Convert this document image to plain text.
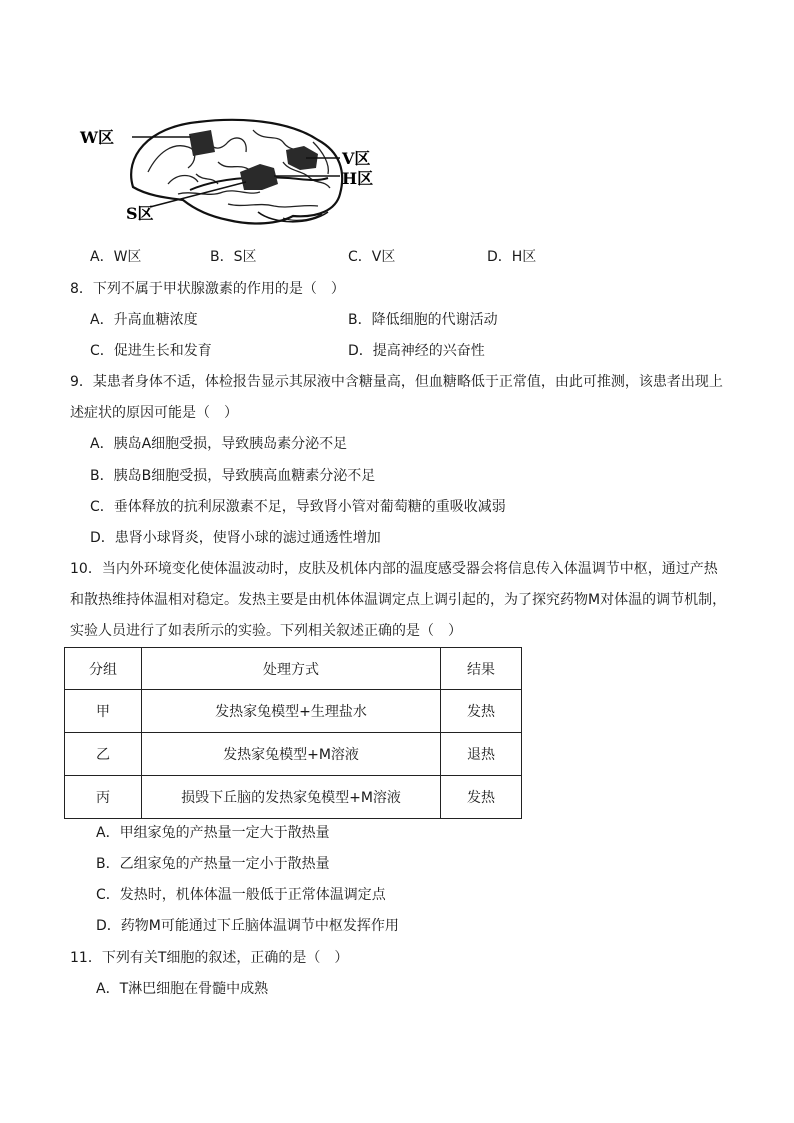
W区
V区
H区
S区
A．W区	B．S区	C．V区	D．H区
8．下列不属于甲状腺激素的作用的是（　）
A．升高血糖浓度	B．降低细胞的代谢活动
C．促进生长和发育	D．提高神经的兴奋性
9．某患者身体不适，体检报告显示其尿液中含糖量高，但血糖略低于正常值，由此可推测，该患者出现上
述症状的原因可能是（　）
A．胰岛A细胞受损，导致胰岛素分泌不足
B．胰岛B细胞受损，导致胰高血糖素分泌不足
C．垂体释放的抗利尿激素不足，导致肾小管对葡萄糖的重吸收减弱
D．患肾小球肾炎，使肾小球的滤过通透性增加
10．当内外环境变化使体温波动时，皮肤及机体内部的温度感受器会将信息传入体温调节中枢，通过产热
和散热维持体温相对稳定。发热主要是由机体体温调定点上调引起的，为了探究药物M对体温的调节机制，
实验人员进行了如表所示的实验。下列相关叙述正确的是（　）
分组	处理方式	结果
甲	发热家兔模型+生理盐水	发热
乙	发热家兔模型+M溶液	退热
丙	损毁下丘脑的发热家兔模型+M溶液	发热
A．甲组家兔的产热量一定大于散热量
B．乙组家兔的产热量一定小于散热量
C．发热时，机体体温一般低于正常体温调定点
D．药物M可能通过下丘脑体温调节中枢发挥作用
11．下列有关T细胞的叙述，正确的是（　）
A．T淋巴细胞在骨髓中成熟
